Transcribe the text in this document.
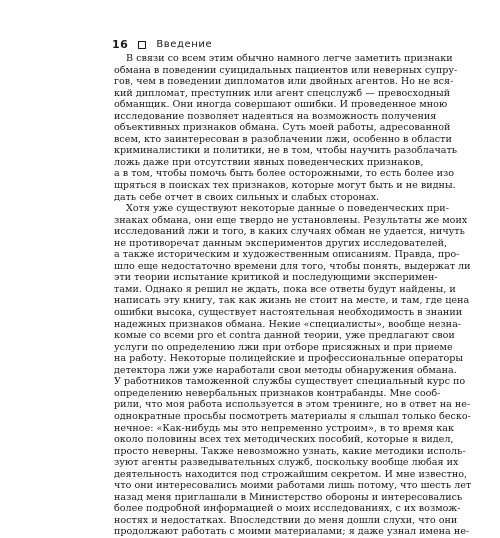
16	Введение
В связи со всем этим обычно намного легче заметить признаки
обмана в поведении суицидальных пациентов или неверных супру-
гов, чем в поведении дипломатов или двойных агентов. Но не вся-
кий дипломат, преступник или агент спецслужб — превосходный
обманщик. Они иногда совершают ошибки. И проведенное мною
исследование позволяет надеяться на возможность получения
объективных признаков обмана. Суть моей работы, адресованной
всем, кто заинтересован в разоблачении лжи, особенно в области
криминалистики и политики, не в том, чтобы научить разоблачать
ложь даже при отсутствии явных поведенческих признаков,
а в том, чтобы помочь быть более осторожными, то есть более изо
щряться в поисках тех признаков, которые могут быть и не видны.
дать себе отчет в своих сильных и слабых сторонах.
Хотя уже существуют некоторые данные о поведенческих при-
знаках обмана, они еще твердо не установлены. Результаты же моих
исследований лжи и того, в каких случаях обман не удается, ничуть
не противоречат данным экспериментов других исследователей,
а также историческим и художественным описаниям. Правда, про-
шло еще недостаточно времени для того, чтобы понять, выдержат ли
эти теории испытание критикой и последующими эксперимен-
тами. Однако я решил не ждать, пока все ответы будут найдены, и
написать эту книгу, так как жизнь не стоит на месте, и там, где цена
ошибки высока, существует настоятельная необходимость в знании
надежных признаков обмана. Некие «специалисты», вообще незна-
комые со всеми pro et contra данной теории, уже предлагают свои
услуги по определению лжи при отборе присяжных и при приеме
на работу. Некоторые полицейские и профессиональные операторы
детектора лжи уже наработали свои методы обнаружения обмана.
У работников таможенной службы существует специальный курс по
определению невербальных признаков контрабанды. Мне сооб-
рили, что моя работа используется в этом тренинге, но в ответ на не-
однократные просьбы посмотреть материалы я слышал только беско-
нечное: «Как-нибудь мы это непременно устроим», в то время как
около половины всех тех методических пособий, которые я видел,
просто неверны. Также невозможно узнать, какие методики исполь-
зуют агенты разведывательных служб, поскольку вообще любая их
деятельность находится под строжайшим секретом. И мне известно,
что они интересовались моими работами лишь потому, что шесть лет
назад меня приглашали в Министерство обороны и интересовались
более подробной информацией о моих исследованиях, с их возмож-
ностях и недостатках. Впоследствии до меня дошли слухи, что они
продолжают работать с моими материалами; я даже узнал имена не-
